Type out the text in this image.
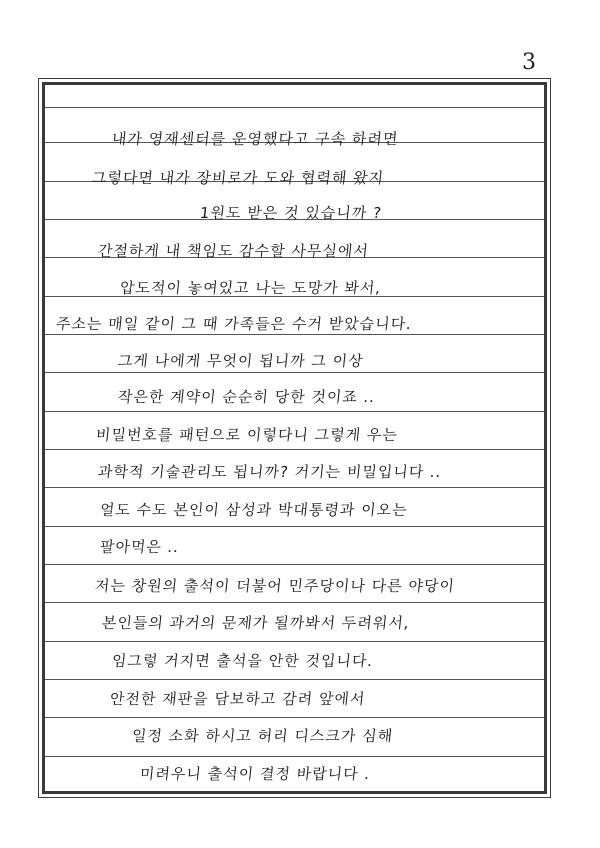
3
내가 영재센터를 운영했다고 구속 하려면
그렇다면 내가 장비로가 도와 협력해 왔지
1원도 받은 것 있습니까 ?
간절하게 내 책임도 감수할 사무실에서
압도적이 놓여있고 나는 도망가 봐서,
주소는 매일 같이 그 때 가족들은 수거 받았습니다.
그게 나에게 무엇이 됩니까 그 이상
작은한 계약이 순순히 당한 것이죠 ..
비밀번호를 패턴으로 이렇다니 그렇게 우는
과학적 기술관리도 됩니까? 거기는 비밀입니다 ..
얼도 수도 본인이 삼성과 박대통령과 이오는
팔아먹은 ..
저는 창원의 출석이 더불어 민주당이나 다른 야당이
본인들의 과거의 문제가 될까봐서 두려워서,
임그렇 거지면 출석을 안한 것입니다.
안전한 재판을 담보하고 감려 앞에서
일정 소화 하시고 허리 디스크가 심해
미려우니 출석이 결정 바랍니다 .
